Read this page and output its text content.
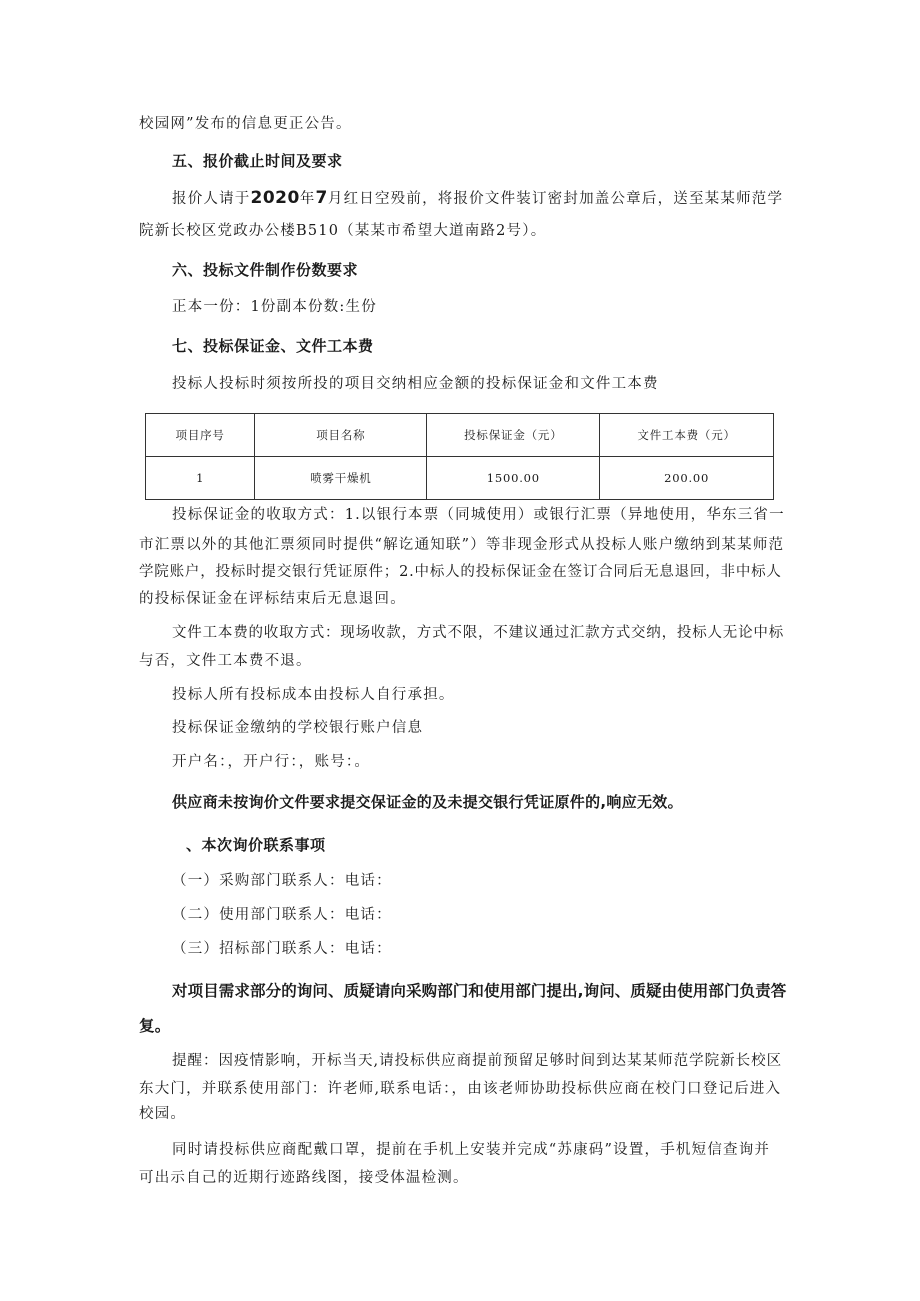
校园网”发布的信息更正公告。
五、报价截止时间及要求
报价人请于2020年7月红日空殁前，将报价文件装订密封加盖公章后，送至某某师范学
院新长校区党政办公楼B510（某某市希望大道南路2号）。
六、投标文件制作份数要求
正本一份：1份副本份数:生份
七、投标保证金、文件工本费
投标人投标时须按所投的项目交纳相应金额的投标保证金和文件工本费
项目序号	项目名称	投标保证金（元）	文件工本费（元）
1	喷雾干燥机	1500.00	200.00
投标保证金的收取方式：1.以银行本票（同城使用）或银行汇票（异地使用，华东三省一
市汇票以外的其他汇票须同时提供“解讫通知联”）等非现金形式从投标人账户缴纳到某某师范
学院账户，投标时提交银行凭证原件；2.中标人的投标保证金在签订合同后无息退回，非中标人
的投标保证金在评标结束后无息退回。
文件工本费的收取方式：现场收款，方式不限，不建议通过汇款方式交纳，投标人无论中标
与否，文件工本费不退。
投标人所有投标成本由投标人自行承担。
投标保证金缴纳的学校银行账户信息
开户名：，开户行：，账号：。
供应商未按询价文件要求提交保证金的及未提交银行凭证原件的,响应无效。
、本次询价联系事项
（一）采购部门联系人：电话：
（二）使用部门联系人：电话：
（三）招标部门联系人：电话：
对项目需求部分的询问、质疑请向采购部门和使用部门提出,询问、质疑由使用部门负责答
复。
提醒：因疫情影响，开标当天,请投标供应商提前预留足够时间到达某某师范学院新长校区
东大门，并联系使用部门：许老师,联系电话：，由该老师协助投标供应商在校门口登记后进入
校园。
同时请投标供应商配戴口罩，提前在手机上安装并完成“苏康码”设置，手机短信查询并
可出示自己的近期行迹路线图，接受体温检测。
